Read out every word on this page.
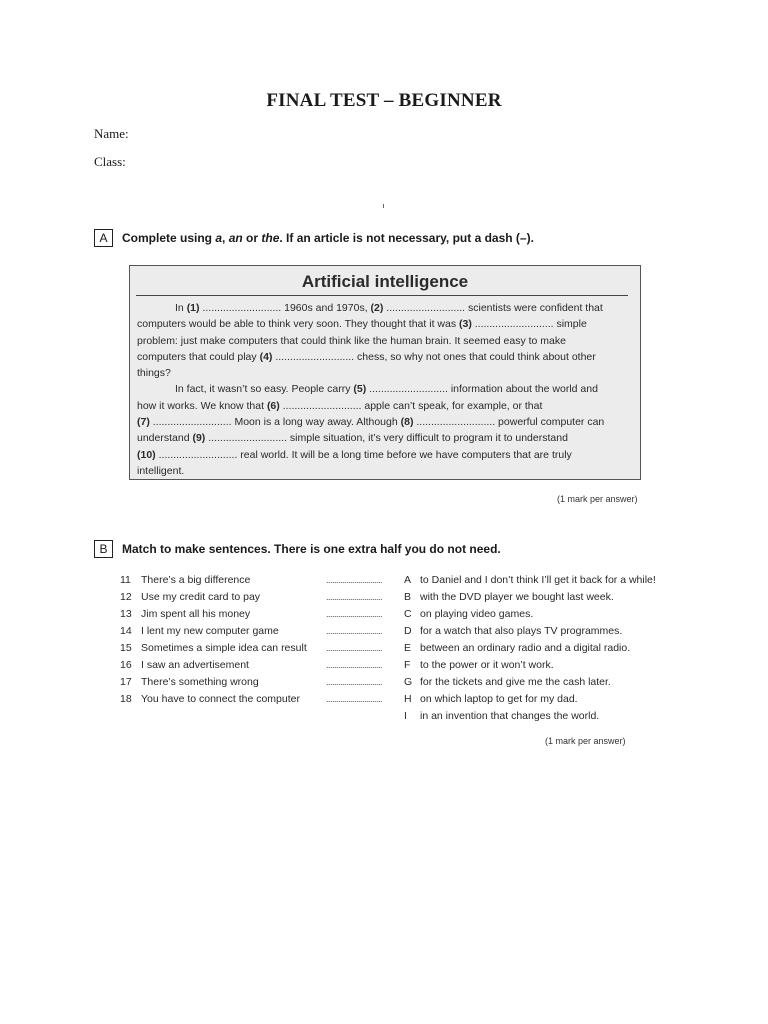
FINAL TEST – BEGINNER
Name:
Class:
A	Complete using a, an or the. If an article is not necessary, put a dash (–).
Artificial intelligence
In (1) ........................... 1960s and 1970s, (2) ........................... scientists were confident that
computers would be able to think very soon. They thought that it was (3) ........................... simple
problem: just make computers that could think like the human brain. It seemed easy to make
computers that could play (4) ........................... chess, so why not ones that could think about other
things?
In fact, it wasn’t so easy. People carry (5) ........................... information about the world and
how it works. We know that (6) ........................... apple can’t speak, for example, or that
(7) ........................... Moon is a long way away. Although (8) ........................... powerful computer can
understand (9) ........................... simple situation, it’s very difficult to program it to understand
(10) ........................... real world. It will be a long time before we have computers that are truly
intelligent.
(1 mark per answer)
B	Match to make sentences. There is one extra half you do not need.
11 There’s a big difference	............................
12 Use my credit card to pay	............................
13 Jim spent all his money	............................
14 I lent my new computer game	............................
15 Sometimes a simple idea can result ............................
16 I saw an advertisement	............................
17 There’s something wrong	............................
18 You have to connect the computer	............................
A to Daniel and I don’t think I’ll get it back for a while!
B with the DVD player we bought last week.
C on playing video games.
D for a watch that also plays TV programmes.
E between an ordinary radio and a digital radio.
F to the power or it won’t work.
G for the tickets and give me the cash later.
H on which laptop to get for my dad.
I in an invention that changes the world.
(1 mark per answer)
